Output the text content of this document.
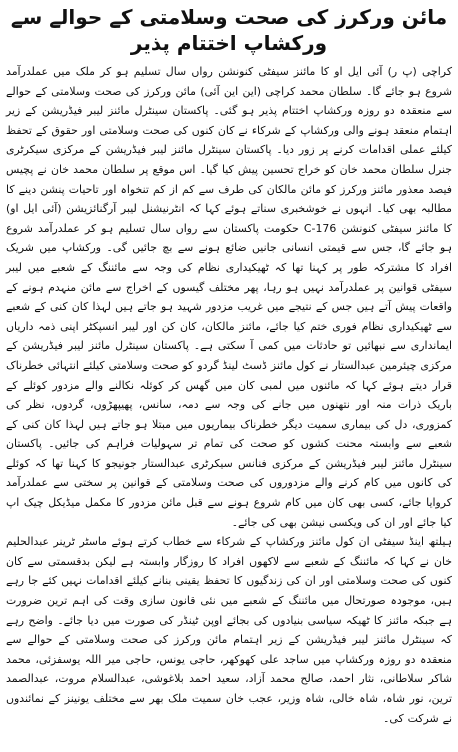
مائن ورکرز کی صحت وسلامتی کے حوالے سے ورکشاپ اختتام پذیر

کراچی (پ ر) آئی ایل او کا مائنز سیفٹی کنونشن رواں سال تسلیم ہو کر ملک میں عملدرآمد شروع ہو جائے گا۔ سلطان محمد کراچی (این این آئی) مائن ورکرز کی صحت وسلامتی کے حوالے سے منعقدہ دو روزہ ورکشاپ اختتام پذیر ہو گئی۔ پاکستان سینٹرل مائنز لیبر فیڈریشن کے زیر اہتمام منعقد ہونے والی ورکشاپ کے شرکاء نے کان کنوں کی صحت وسلامتی اور حقوق کے تحفظ کیلئے عملی اقدامات کرنے پر زور دیا۔ پاکستان سینٹرل مائنز لیبر فیڈریشن کے مرکزی سیکرٹری جنرل سلطان محمد خان کو خراج تحسین پیش کیا گیا۔ اس موقع پر سلطان محمد خان نے پچیس فیصد معذور مائنز ورکرز کو مائن مالکان کی طرف سے کم از کم تنخواہ اور تاحیات پنشن دینے کا مطالبہ بھی کیا۔ انہوں نے خوشخبری سناتے ہوئے کہا کہ انٹرنیشنل لیبر آرگنائزیشن (آئی ایل او) کا مائنز سیفٹی کنونشن C-176 حکومت پاکستان سے رواں سال تسلیم ہو کر عملدرآمد شروع ہو جائے گا، جس سے قیمتی انسانی جانیں ضائع ہونے سے بچ جائیں گی۔ ورکشاپ میں شریک افراد کا مشترکہ طور پر کہنا تھا کہ ٹھیکیداری نظام کی وجہ سے مائننگ کے شعبے میں لیبر سیفٹی قوانین پر عملدرآمد نہیں ہو رہا، پھر مختلف گیسوں کے اخراج سے مائن منہدم ہونے کے واقعات پیش آتے ہیں جس کے نتیجے میں غریب مزدور شہید ہو جاتے ہیں لہذا کان کنی کے شعبے سے ٹھیکیداری نظام فوری ختم کیا جائے، مائنز مالکان، کان کن اور لیبر انسپکٹر اپنی ذمہ داریاں ایمانداری سے نبھائیں تو حادثات میں کمی آ سکتی ہے۔ پاکستان سینٹرل مائنز لیبر فیڈریشن کے مرکزی چیئرمین عبدالستار نے کول مائنز ڈسٹ لینڈ گردو کو صحت وسلامتی کیلئے انتہائی خطرناک قرار دیتے ہوئے کہا کہ مائنوں میں لمبی کان میں گھس کر کوئلہ نکالنے والے مزدور کوئلے کے باریک ذرات منہ اور نتھنوں میں جانے کی وجہ سے دمہ، سانس، پھیپھڑوں، گردوں، نظر کی کمزوری، دل کی بیماری سمیت دیگر خطرناک بیماریوں میں مبتلا ہو جاتے ہیں لہذا کان کنی کے شعبے سے وابستہ محنت کشوں کو صحت کی تمام تر سہولیات فراہم کی جائیں۔ پاکستان سینٹرل مائنز لیبر فیڈریشن کے مرکزی فنانس سیکرٹری عبدالستار جونیجو کا کہنا تھا کہ کوئلے کی کانوں میں کام کرنے والے مزدوروں کی صحت وسلامتی کے قوانین پر سختی سے عملدرآمد کروایا جائے، کسی بھی کان میں کام شروع ہونے سے قبل مائن مزدور کا مکمل میڈیکل چیک اپ کیا جائے اور ان کی ویکسی نیشن بھی کی جائے۔

ہیلتھ اینڈ سیفٹی ان کول مائنز ورکشاپ کے شرکاء سے خطاب کرتے ہوئے ماسٹر ٹرینر عبدالحلیم خان نے کہا کہ مائننگ کے شعبے سے لاکھوں افراد کا روزگار وابستہ ہے لیکن بدقسمتی سے کان کنوں کی صحت وسلامتی اور ان کی زندگیوں کا تحفظ یقینی بنانے کیلئے اقدامات نہیں کئے جا رہے ہیں، موجودہ صورتحال میں مائننگ کے شعبے میں نئی قانون سازی وقت کی اہم ترین ضرورت ہے جبکہ مائنز کا ٹھیکہ سیاسی بنیادوں کی بجائے اوپن ٹینڈر کی صورت میں دیا جائے۔ واضح رہے کہ سینٹرل مائنز لیبر فیڈریشن کے زیر اہتمام مائن ورکرز کی صحت وسلامتی کے حوالے سے منعقدہ دو روزہ ورکشاپ میں ساجد علی کھوکھر، حاجی یونس، حاجی میر اللہ یوسفزئی، محمد شاکر سلاطانی، نثار احمد، صالح محمد آزاد، سعید احمد بلاغوشی، عبدالسلام مروت، عبدالصمد ترین، نور شاہ، شاہ خالی، شاہ وزیر، عجب خان سمیت ملک بھر سے مختلف یونینز کے نمائندوں نے شرکت کی۔
